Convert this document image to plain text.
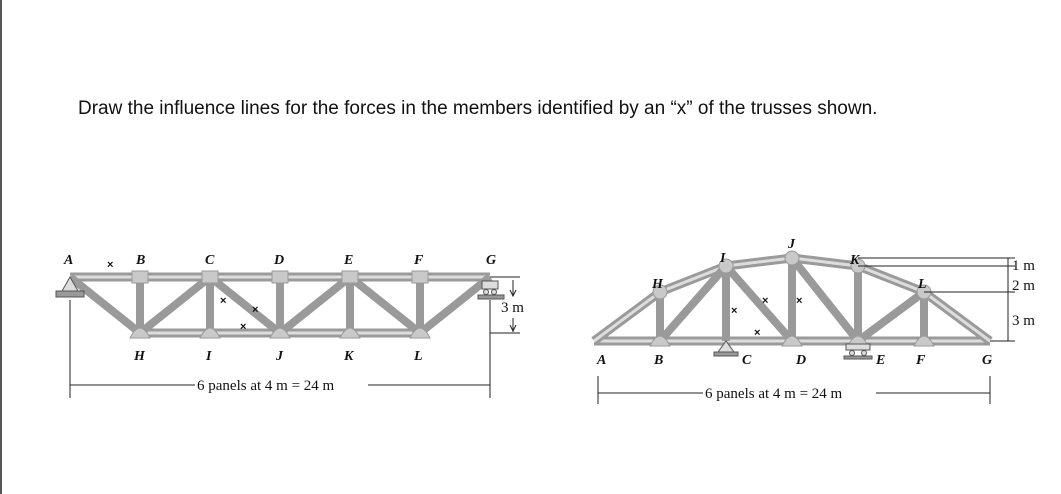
Draw the influence lines for the forces in the members identified by an “x” of the trusses shown.
A	B	C	D	E	F	G
H	I	J	K	L
×
×
×
×
6 panels at 4 m = 24 m
3 m
A	B	C	D	E F	G
H
I
J
K
L
×
×
×
×
6 panels at 4 m = 24 m
1 m
2 m
3 m
